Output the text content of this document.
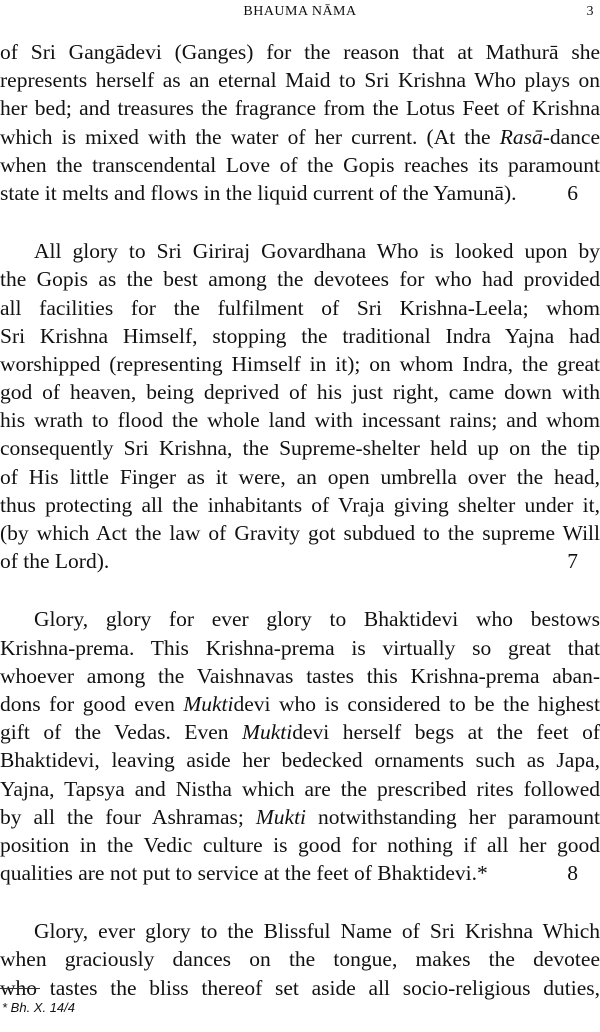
BHAUMA NĀMA	3
of Sri Gangādevi (Ganges) for the reason that at Mathurā she
represents herself as an eternal Maid to Sri Krishna Who plays on
her bed; and treasures the fragrance from the Lotus Feet of Krishna
which is mixed with the water of her current. (At the Rasā-dance
when the transcendental Love of the Gopis reaches its paramount
state it melts and flows in the liquid current of the Yamunā).	6
All glory to Sri Giriraj Govardhana Who is looked upon by
the Gopis as the best among the devotees for who had provided
all facilities for the fulfilment of Sri Krishna-Leela; whom
Sri Krishna Himself, stopping the traditional Indra Yajna had
worshipped (representing Himself in it); on whom Indra, the great
god of heaven, being deprived of his just right, came down with
his wrath to flood the whole land with incessant rains; and whom
consequently Sri Krishna, the Supreme-shelter held up on the tip
of His little Finger as it were, an open umbrella over the head,
thus protecting all the inhabitants of Vraja giving shelter under it,
(by which Act the law of Gravity got subdued to the supreme Will
of the Lord).	7
Glory, glory for ever glory to Bhaktidevi who bestows
Krishna-prema. This Krishna-prema is virtually so great that
whoever among the Vaishnavas tastes this Krishna-prema aban-
dons for good even Muktidevi who is considered to be the highest
gift of the Vedas. Even Muktidevi herself begs at the feet of
Bhaktidevi, leaving aside her bedecked ornaments such as Japa,
Yajna, Tapsya and Nistha which are the prescribed rites followed
by all the four Ashramas; Mukti notwithstanding her paramount
position in the Vedic culture is good for nothing if all her good
qualities are not put to service at the feet of Bhaktidevi.*	8
Glory, ever glory to the Blissful Name of Sri Krishna Which
when graciously dances on the tongue, makes the devotee
who tastes the bliss thereof set aside all socio-religious duties,
* Bh. X. 14/4
